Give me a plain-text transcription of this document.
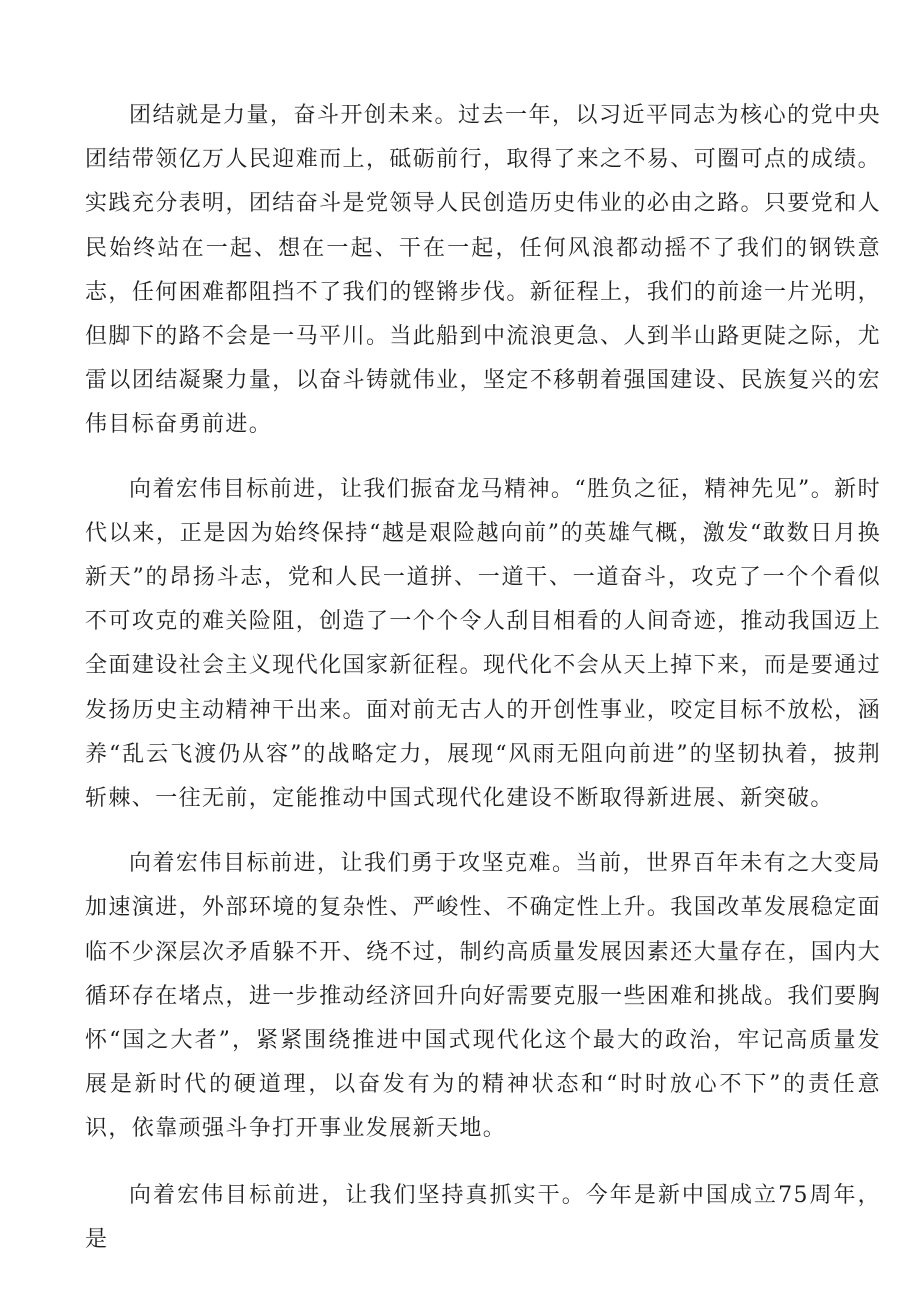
团结就是力量，奋斗开创未来。过去一年，以习近平同志为核心的党中央团结带领亿万人民迎难而上，砥砺前行，取得了来之不易、可圈可点的成绩。实践充分表明，团结奋斗是党领导人民创造历史伟业的必由之路。只要党和人民始终站在一起、想在一起、干在一起，任何风浪都动摇不了我们的钢铁意志，任何困难都阻挡不了我们的铿锵步伐。新征程上，我们的前途一片光明，但脚下的路不会是一马平川。当此船到中流浪更急、人到半山路更陡之际，尤雷以团结凝聚力量，以奋斗铸就伟业，坚定不移朝着强国建设、民族复兴的宏伟目标奋勇前进。

向着宏伟目标前进，让我们振奋龙马精神。“胜负之征，精神先见”。新时代以来，正是因为始终保持“越是艰险越向前”的英雄气概，激发“敢数日月换新天”的昂扬斗志，党和人民一道拼、一道干、一道奋斗，攻克了一个个看似不可攻克的难关险阻，创造了一个个令人刮目相看的人间奇迹，推动我国迈上全面建设社会主义现代化国家新征程。现代化不会从天上掉下来，而是要通过发扬历史主动精神干出来。面对前无古人的开创性事业，咬定目标不放松，涵养“乱云飞渡仍从容”的战略定力，展现“风雨无阻向前进”的坚韧执着，披荆斩棘、一往无前，定能推动中国式现代化建设不断取得新进展、新突破。

向着宏伟目标前进，让我们勇于攻坚克难。当前，世界百年未有之大变局加速演进，外部环境的复杂性、严峻性、不确定性上升。我国改革发展稳定面临不少深层次矛盾躲不开、绕不过，制约高质量发展因素还大量存在，国内大循环存在堵点，进一步推动经济回升向好需要克服一些困难和挑战。我们要胸怀“国之大者”，紧紧围绕推进中国式现代化这个最大的政治，牢记高质量发展是新时代的硬道理，以奋发有为的精神状态和“时时放心不下”的责任意识，依靠顽强斗争打开事业发展新天地。

向着宏伟目标前进，让我们坚持真抓实干。今年是新中国成立75周年，是
